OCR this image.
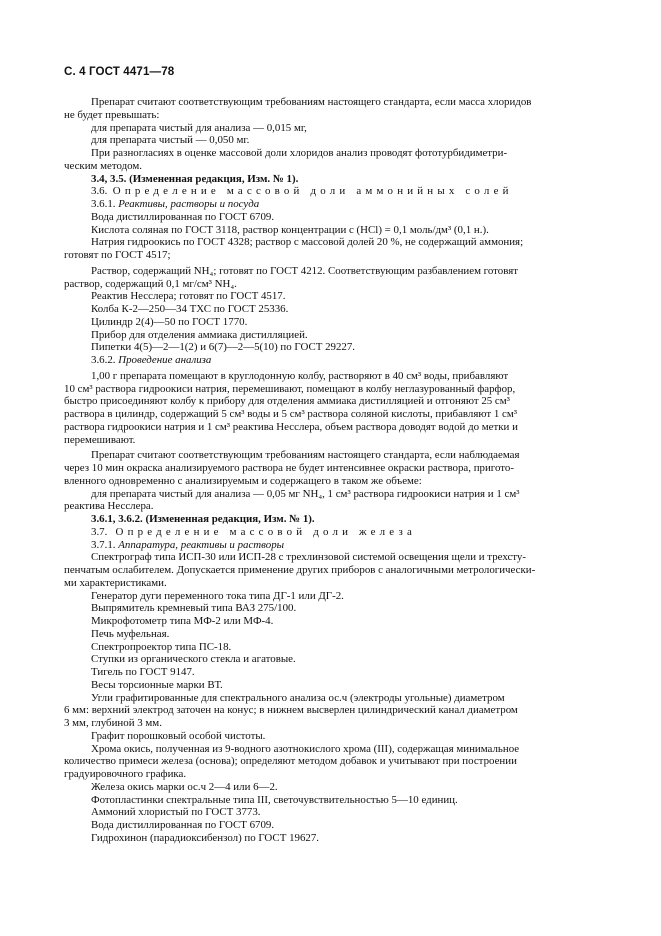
С. 4 ГОСТ 4471—78
Препарат считают соответствующим требованиям настоящего стандарта, если масса хлоридов
не будет превышать:
для препарата чистый для анализа — 0,015 мг,
для препарата чистый — 0,050 мг.
При разногласиях в оценке массовой доли хлоридов анализ проводят фототурбидиметри-
ческим методом.
3.4, 3.5. (Измененная редакция, Изм. № 1).
3.6. Определение массовой доли аммонийных солей
3.6.1. Реактивы, растворы и посуда
Вода дистиллированная по ГОСТ 6709.
Кислота соляная по ГОСТ 3118, раствор концентрации c (HCl) = 0,1 моль/дм³ (0,1 н.).
Натрия гидроокись по ГОСТ 4328; раствор с массовой долей 20 %, не содержащий аммония;
готовят по ГОСТ 4517;
Раствор, содержащий NH₄; готовят по ГОСТ 4212. Соответствующим разбавлением готовят
раствор, содержащий 0,1 мг/см³ NH₄.
Реактив Несслера; готовят по ГОСТ 4517.
Колба К-2—250—34 ТХС по ГОСТ 25336.
Цилиндр 2(4)—50 по ГОСТ 1770.
Прибор для отделения аммиака дистилляцией.
Пипетки 4(5)—2—1(2) и 6(7)—2—5(10) по ГОСТ 29227.
3.6.2. Проведение анализа
1,00 г препарата помещают в круглодонную колбу, растворяют в 40 см³ воды, прибавляют
10 см³ раствора гидроокиси натрия, перемешивают, помещают в колбу неглазурованный фарфор,
быстро присоединяют колбу к прибору для отделения аммиака дистилляцией и отгоняют 25 см³
раствора в цилиндр, содержащий 5 см³ воды и 5 см³ раствора соляной кислоты, прибавляют 1 см³
раствора гидроокиси натрия и 1 см³ реактива Несслера, объем раствора доводят водой до метки и
перемешивают.
Препарат считают соответствующим требованиям настоящего стандарта, если наблюдаемая
через 10 мин окраска анализируемого раствора не будет интенсивнее окраски раствора, пригото-
вленного одновременно с анализируемым и содержащего в таком же объеме:
для препарата чистый для анализа — 0,05 мг NH₄, 1 см³ раствора гидроокиси натрия и 1 см³
реактива Несслера.
3.6.1, 3.6.2. (Измененная редакция, Изм. № 1).
3.7. Определение массовой доли железа
3.7.1. Аппаратура, реактивы и растворы
Спектрограф типа ИСП-30 или ИСП-28 с трехлинзовой системой освещения щели и трехсту-
пенчатым ослабителем. Допускается применение других приборов с аналогичными метрологически-
ми характеристиками.
Генератор дуги переменного тока типа ДГ-1 или ДГ-2.
Выпрямитель кремневый типа ВАЗ 275/100.
Микрофотометр типа МФ-2 или МФ-4.
Печь муфельная.
Спектропроектор типа ПС-18.
Ступки из органического стекла и агатовые.
Тигель по ГОСТ 9147.
Весы торсионные марки ВТ.
Угли графитированные для спектрального анализа ос.ч (электроды угольные) диаметром
6 мм: верхний электрод заточен на конус; в нижнем высверлен цилиндрический канал диаметром
3 мм, глубиной 3 мм.
Графит порошковый особой чистоты.
Хрома окись, полученная из 9-водного азотнокислого хрома (III), содержащая минимальное
количество примеси железа (основа); определяют методом добавок и учитывают при построении
градуировочного графика.
Железа окись марки ос.ч 2—4 или 6—2.
Фотопластинки спектральные типа III, светочувствительностью 5—10 единиц.
Аммоний хлористый по ГОСТ 3773.
Вода дистиллированная по ГОСТ 6709.
Гидрохинон (парадиоксибензол) по ГОСТ 19627.
